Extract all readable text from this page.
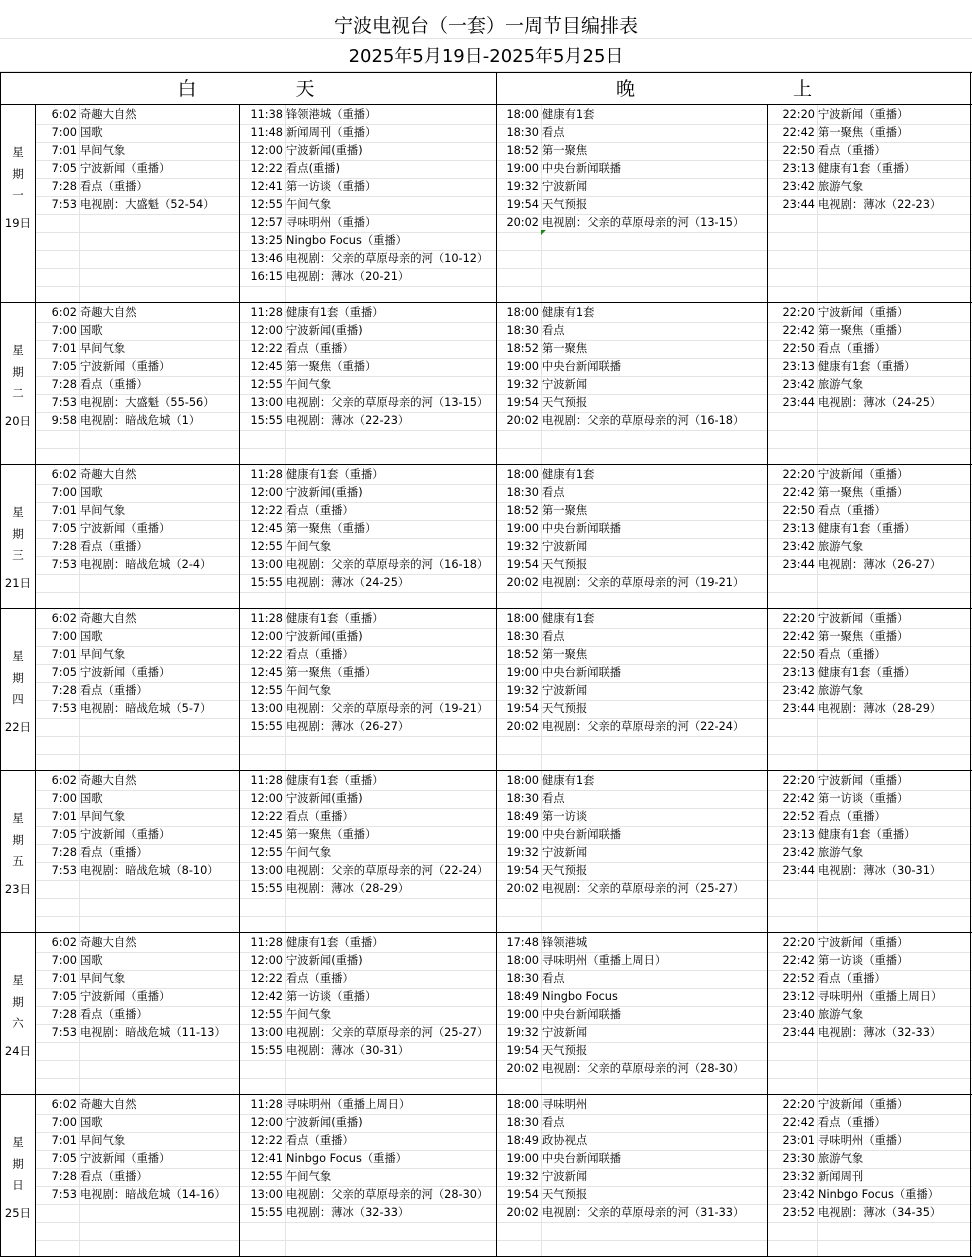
宁波电视台（一套）一周节目编排表
2025年5月19日-2025年5月25日
白　天	晚　　上
星
期
一
19日
6:02 奇趣大自然
7:00 国歌
7:01 早间气象
7:05 宁波新闻（重播）
7:28 看点（重播）
7:53 电视剧：大盛魁（52-54）
11:38 锋领港城（重播）
11:48 新闻周刊（重播）
12:00 宁波新闻(重播)
12:22 看点(重播)
12:41 第一访谈（重播）
12:55 午间气象
12:57 寻味明州（重播）
13:25 Ningbo Focus（重播）
13:46 电视剧：父亲的草原母亲的河（10-12）
16:15 电视剧：薄冰（20-21）
18:00 健康有1套
18:30 看点
18:52 第一聚焦
19:00 中央台新闻联播
19:32 宁波新闻
19:54 天气预报
20:02 电视剧：父亲的草原母亲的河（13-15）
22:20 宁波新闻（重播）
22:42 第一聚焦（重播）
22:50 看点（重播）
23:13 健康有1套（重播）
23:42 旅游气象
23:44 电视剧：薄冰（22-23）
星
期
二
20日
6:02 奇趣大自然
7:00 国歌
7:01 早间气象
7:05 宁波新闻（重播）
7:28 看点（重播）
7:53 电视剧：大盛魁（55-56）
9:58 电视剧：暗战危城（1）
11:28 健康有1套（重播）
12:00 宁波新闻(重播)
12:22 看点（重播）
12:45 第一聚焦（重播）
12:55 午间气象
13:00 电视剧：父亲的草原母亲的河（13-15）
15:55 电视剧：薄冰（22-23）
18:00 健康有1套
18:30 看点
18:52 第一聚焦
19:00 中央台新闻联播
19:32 宁波新闻
19:54 天气预报
20:02 电视剧：父亲的草原母亲的河（16-18）
22:20 宁波新闻（重播）
22:42 第一聚焦（重播）
22:50 看点（重播）
23:13 健康有1套（重播）
23:42 旅游气象
23:44 电视剧：薄冰（24-25）
星
期
三
21日
6:02 奇趣大自然
7:00 国歌
7:01 早间气象
7:05 宁波新闻（重播）
7:28 看点（重播）
7:53 电视剧：暗战危城（2-4）
11:28 健康有1套（重播）
12:00 宁波新闻(重播)
12:22 看点（重播）
12:45 第一聚焦（重播）
12:55 午间气象
13:00 电视剧：父亲的草原母亲的河（16-18）
15:55 电视剧：薄冰（24-25）
18:00 健康有1套
18:30 看点
18:52 第一聚焦
19:00 中央台新闻联播
19:32 宁波新闻
19:54 天气预报
20:02 电视剧：父亲的草原母亲的河（19-21）
22:20 宁波新闻（重播）
22:42 第一聚焦（重播）
22:50 看点（重播）
23:13 健康有1套（重播）
23:42 旅游气象
23:44 电视剧：薄冰（26-27）
星
期
四
22日
6:02 奇趣大自然
7:00 国歌
7:01 早间气象
7:05 宁波新闻（重播）
7:28 看点（重播）
7:53 电视剧：暗战危城（5-7）
11:28 健康有1套（重播）
12:00 宁波新闻(重播)
12:22 看点（重播）
12:45 第一聚焦（重播）
12:55 午间气象
13:00 电视剧：父亲的草原母亲的河（19-21）
15:55 电视剧：薄冰（26-27）
18:00 健康有1套
18:30 看点
18:52 第一聚焦
19:00 中央台新闻联播
19:32 宁波新闻
19:54 天气预报
20:02 电视剧：父亲的草原母亲的河（22-24）
22:20 宁波新闻（重播）
22:42 第一聚焦（重播）
22:50 看点（重播）
23:13 健康有1套（重播）
23:42 旅游气象
23:44 电视剧：薄冰（28-29）
星
期
五
23日
6:02 奇趣大自然
7:00 国歌
7:01 早间气象
7:05 宁波新闻（重播）
7:28 看点（重播）
7:53 电视剧：暗战危城（8-10）
11:28 健康有1套（重播）
12:00 宁波新闻(重播)
12:22 看点（重播）
12:45 第一聚焦（重播）
12:55 午间气象
13:00 电视剧：父亲的草原母亲的河（22-24）
15:55 电视剧：薄冰（28-29）
18:00 健康有1套
18:30 看点
18:49 第一访谈
19:00 中央台新闻联播
19:32 宁波新闻
19:54 天气预报
20:02 电视剧：父亲的草原母亲的河（25-27）
22:20 宁波新闻（重播）
22:42 第一访谈（重播）
22:52 看点（重播）
23:13 健康有1套（重播）
23:42 旅游气象
23:44 电视剧：薄冰（30-31）
星
期
六
24日
6:02 奇趣大自然
7:00 国歌
7:01 早间气象
7:05 宁波新闻（重播）
7:28 看点（重播）
7:53 电视剧：暗战危城（11-13）
11:28 健康有1套（重播）
12:00 宁波新闻(重播)
12:22 看点（重播）
12:42 第一访谈（重播）
12:55 午间气象
13:00 电视剧：父亲的草原母亲的河（25-27）
15:55 电视剧：薄冰（30-31）
17:48 锋领港城
18:00 寻味明州（重播上周日）
18:30 看点
18:49 Ningbo Focus
19:00 中央台新闻联播
19:32 宁波新闻
19:54 天气预报
20:02 电视剧：父亲的草原母亲的河（28-30）
22:20 宁波新闻（重播）
22:42 第一访谈（重播）
22:52 看点（重播）
23:12 寻味明州（重播上周日）
23:40 旅游气象
23:44 电视剧：薄冰（32-33）
星
期
日
25日
6:02 奇趣大自然
7:00 国歌
7:01 早间气象
7:05 宁波新闻（重播）
7:28 看点（重播）
7:53 电视剧：暗战危城（14-16）
11:28 寻味明州（重播上周日）
12:00 宁波新闻(重播)
12:22 看点（重播）
12:41 Ninbgo Focus（重播）
12:55 午间气象
13:00 电视剧：父亲的草原母亲的河（28-30）
15:55 电视剧：薄冰（32-33）
18:00 寻味明州
18:30 看点
18:49 政协视点
19:00 中央台新闻联播
19:32 宁波新闻
19:54 天气预报
20:02 电视剧：父亲的草原母亲的河（31-33）
22:20 宁波新闻（重播）
22:42 看点（重播）
23:01 寻味明州（重播）
23:30 旅游气象
23:32 新闻周刊
23:42 Ninbgo Focus（重播）
23:52 电视剧：薄冰（34-35）
